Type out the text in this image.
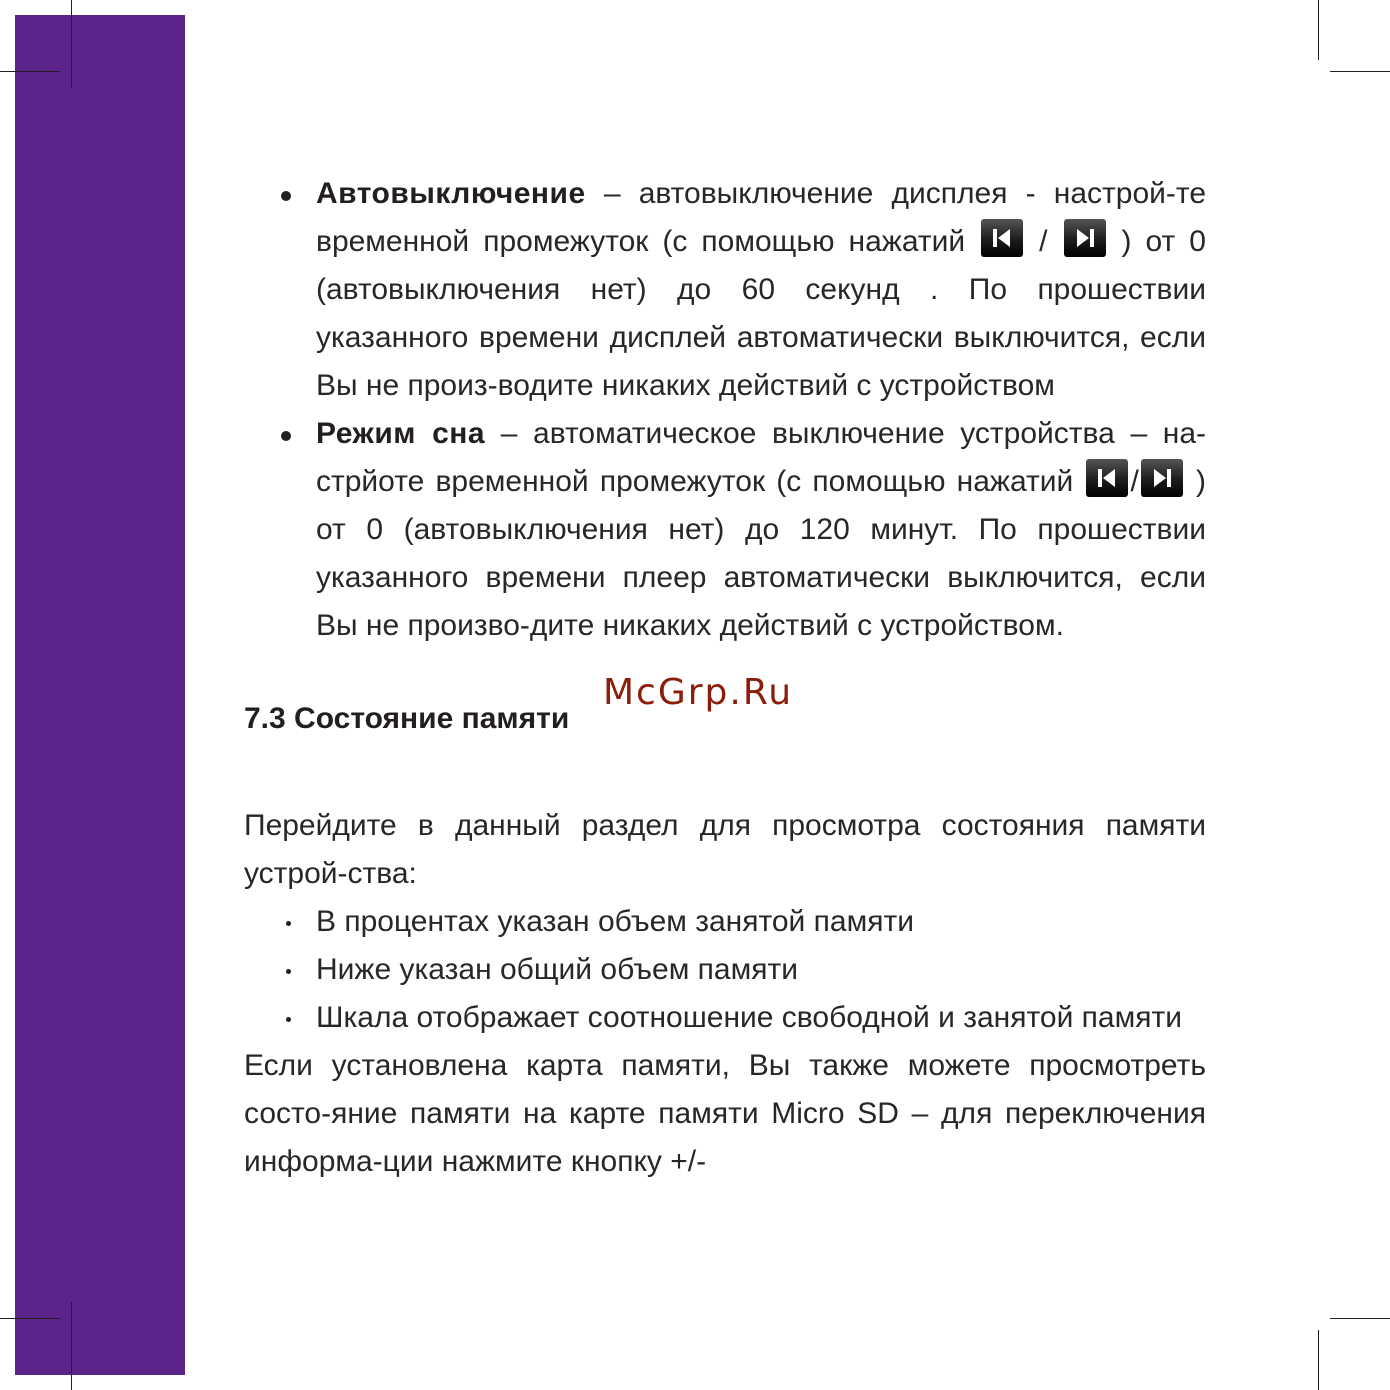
Автовыключение – автовыключение дисплея - настрой-те временной промежуток (с помощью нажатий
/
) от 0 (автовыключения нет) до 60 секунд . По прошествии указанного времени дисплей автоматически выключится, если Вы не произ-водите никаких действий с устройством

Режим сна – автоматическое выключение устройства – на-стрйоте временной промежуток (с помощью нажатий
/
) от 0 (автовыключения нет) до 120 минут. По прошествии указанного времени плеер автоматически выключится, если Вы не произво-дите никаких действий с устройством.

McGrp.Ru
7.3 Состояние памяти

Перейдите в данный раздел для просмотра состояния памяти устрой-ства:

В процентах указан объем занятой памяти
Ниже указан общий объем памяти
Шкала отображает соотношение свободной и занятой памяти

Если установлена карта памяти, Вы также можете просмотреть состо-яние памяти на карте памяти Micro SD – для переключения информа-ции нажмите кнопку +/-
